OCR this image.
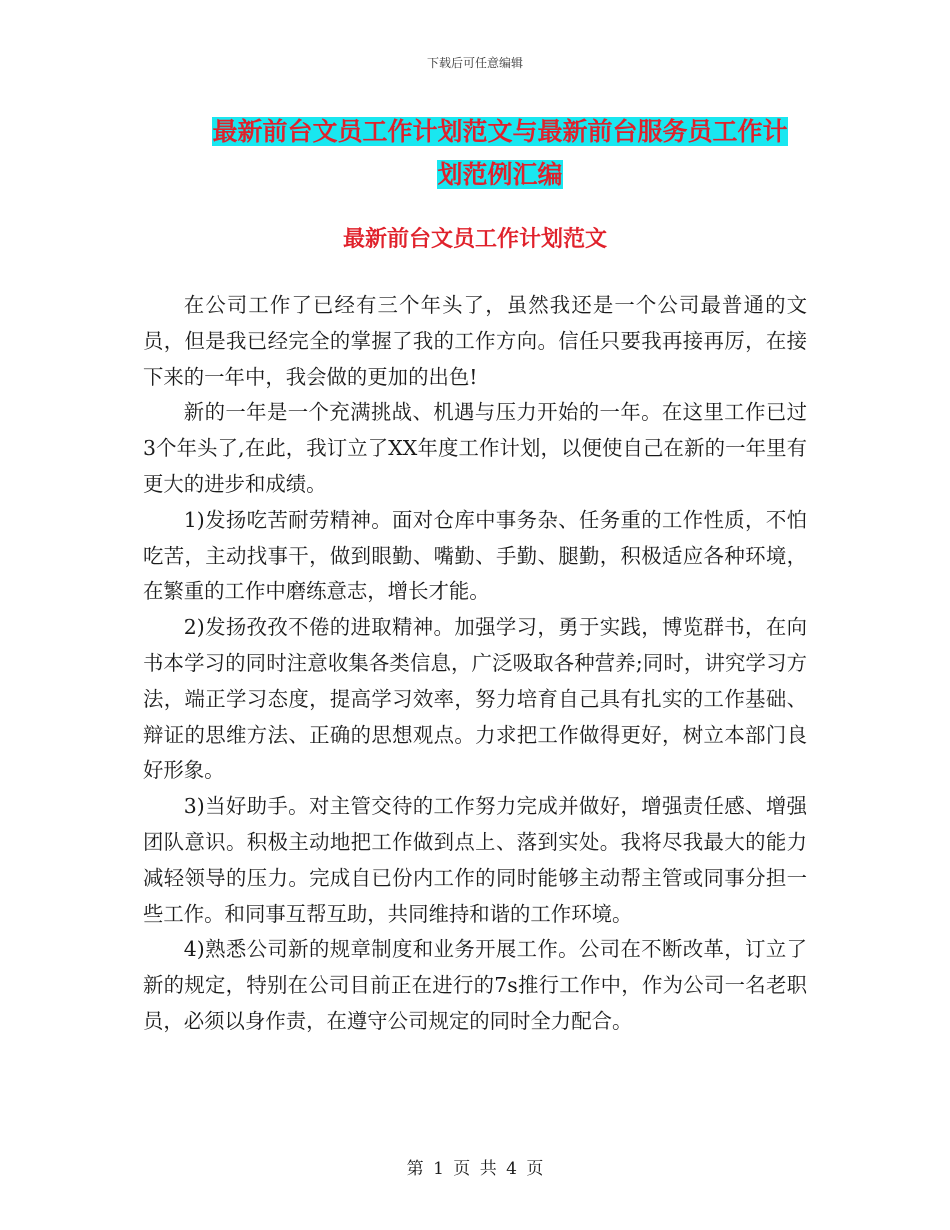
下载后可任意编辑
最新前台文员工作计划范文与最新前台服务员工作计
划范例汇编
最新前台文员工作计划范文

在公司工作了已经有三个年头了，虽然我还是一个公司最普通的文员，但是我已经完全的掌握了我的工作方向。信任只要我再接再厉，在接下来的一年中，我会做的更加的出色!

新的一年是一个充满挑战、机遇与压力开始的一年。在这里工作已过3个年头了,在此，我订立了XX年度工作计划，以便使自己在新的一年里有更大的进步和成绩。

1)发扬吃苦耐劳精神。面对仓库中事务杂、任务重的工作性质，不怕吃苦，主动找事干，做到眼勤、嘴勤、手勤、腿勤，积极适应各种环境，在繁重的工作中磨练意志，增长才能。

2)发扬孜孜不倦的进取精神。加强学习，勇于实践，博览群书，在向书本学习的同时注意收集各类信息，广泛吸取各种营养;同时，讲究学习方法，端正学习态度，提高学习效率，努力培育自己具有扎实的工作基础、辩证的思维方法、正确的思想观点。力求把工作做得更好，树立本部门良好形象。

3)当好助手。对主管交待的工作努力完成并做好，增强责任感、增强团队意识。积极主动地把工作做到点上、落到实处。我将尽我最大的能力减轻领导的压力。完成自已份内工作的同时能够主动帮主管或同事分担一些工作。和同事互帮互助，共同维持和谐的工作环境。

4)熟悉公司新的规章制度和业务开展工作。公司在不断改革，订立了新的规定，特别在公司目前正在进行的7s推行工作中，作为公司一名老职员，必须以身作责，在遵守公司规定的同时全力配合。

第 1 页 共 4 页
